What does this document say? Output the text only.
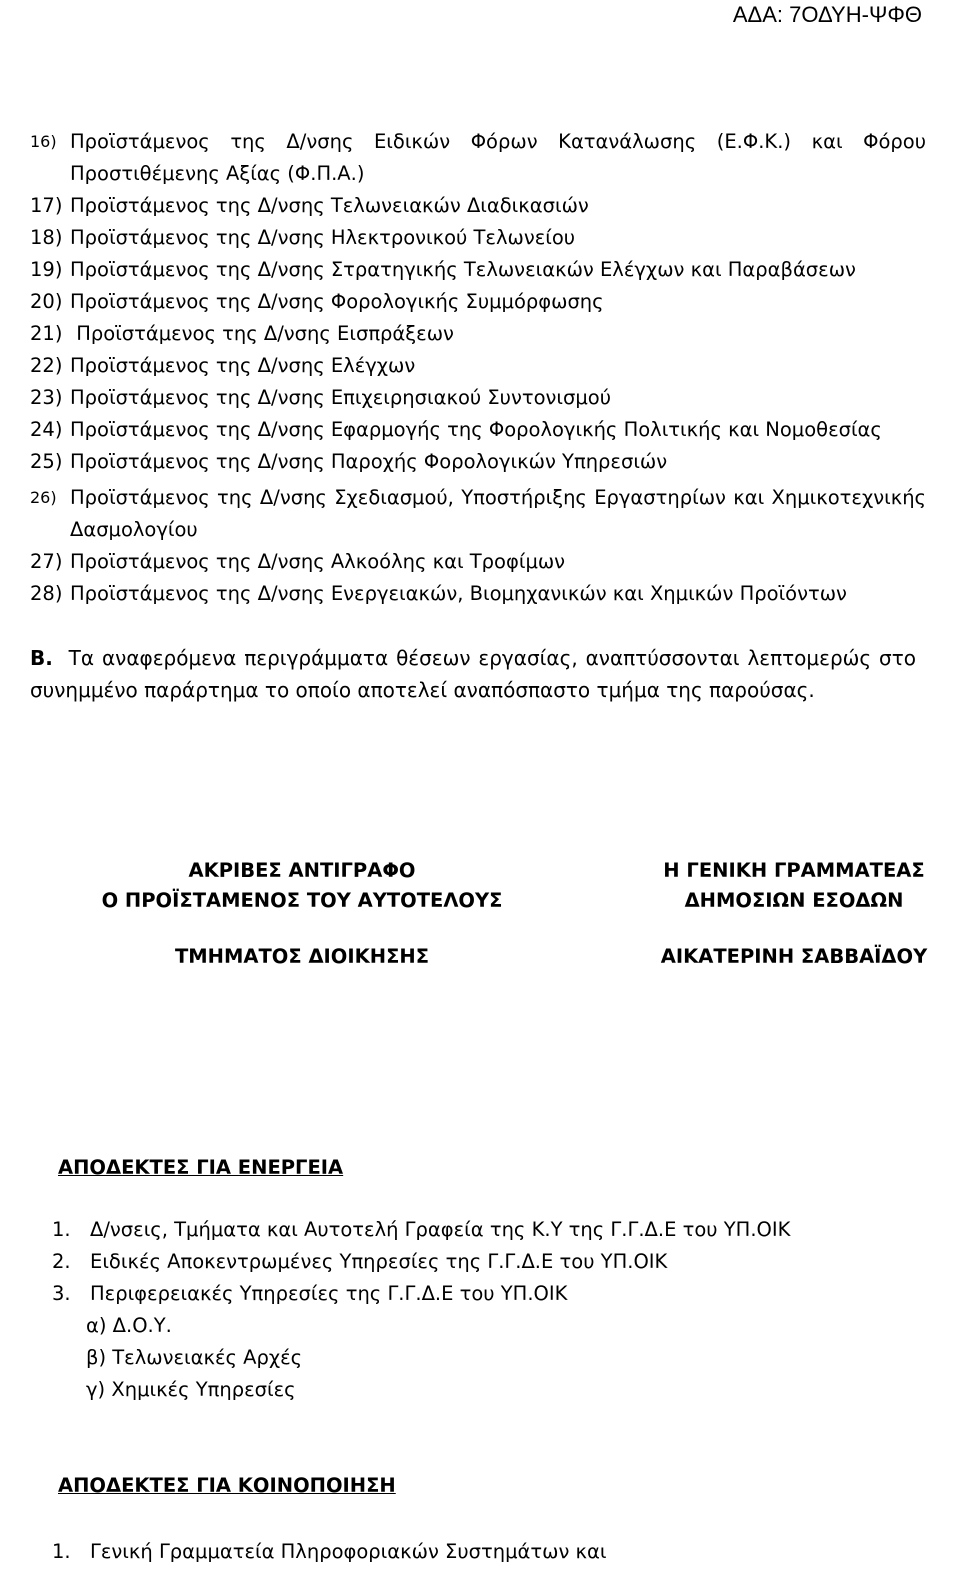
ΑΔΑ: 7ΟΔΥΗ-ΨΦΘ
16) Προϊστάμενος της Δ/νσης Ειδικών Φόρων Κατανάλωσης (Ε.Φ.Κ.) και Φόρου
Προστιθέμενης Αξίας (Φ.Π.Α.)
17) Προϊστάμενος της Δ/νσης Τελωνειακών Διαδικασιών
18) Προϊστάμενος της Δ/νσης Ηλεκτρονικού Τελωνείου
19) Προϊστάμενος της Δ/νσης Στρατηγικής Τελωνειακών Ελέγχων και Παραβάσεων
20) Προϊστάμενος της Δ/νσης Φορολογικής Συμμόρφωσης
21) Προϊστάμενος της Δ/νσης Εισπράξεων
22) Προϊστάμενος της Δ/νσης Ελέγχων
23) Προϊστάμενος της Δ/νσης Επιχειρησιακού Συντονισμού
24) Προϊστάμενος της Δ/νσης Εφαρμογής της Φορολογικής Πολιτικής και Νομοθεσίας
25) Προϊστάμενος της Δ/νσης Παροχής Φορολογικών Υπηρεσιών
26) Προϊστάμενος της Δ/νσης Σχεδιασμού, Υποστήριξης Εργαστηρίων και Χημικοτεχνικής
Δασμολογίου
27) Προϊστάμενος της Δ/νσης Αλκοόλης και Τροφίμων
28) Προϊστάμενος της Δ/νσης Ενεργειακών, Βιομηχανικών και Χημικών Προϊόντων
Β. Τα αναφερόμενα περιγράμματα θέσεων εργασίας, αναπτύσσονται λεπτομερώς στο
συνημμένο παράρτημα το οποίο αποτελεί αναπόσπαστο τμήμα της παρούσας.
ΑΚΡΙΒΕΣ ΑΝΤΙΓΡΑΦΟ
Ο ΠΡΟΪΣΤΑΜΕΝΟΣ ΤΟΥ ΑΥΤΟΤΕΛΟΥΣ
ΤΜΗΜΑΤΟΣ ΔΙΟΙΚΗΣΗΣ
Η ΓΕΝΙΚΗ ΓΡΑΜΜΑΤΕΑΣ
ΔΗΜΟΣΙΩΝ ΕΣΟΔΩΝ
ΑΙΚΑΤΕΡΙΝΗ ΣΑΒΒΑΪΔΟΥ
ΑΠΟΔΕΚΤΕΣ ΓΙΑ ΕΝΕΡΓΕΙΑ
1. Δ/νσεις, Τμήματα και Αυτοτελή Γραφεία της Κ.Υ της Γ.Γ.Δ.Ε του ΥΠ.ΟΙΚ
2. Ειδικές Αποκεντρωμένες Υπηρεσίες της Γ.Γ.Δ.Ε του ΥΠ.ΟΙΚ
3. Περιφερειακές Υπηρεσίες της Γ.Γ.Δ.Ε του ΥΠ.ΟΙΚ
α) Δ.Ο.Υ.
β) Τελωνειακές Αρχές
γ) Χημικές Υπηρεσίες
ΑΠΟΔΕΚΤΕΣ ΓΙΑ ΚΟΙΝΟΠΟΙΗΣΗ
1. Γενική Γραμματεία Πληροφοριακών Συστημάτων και
